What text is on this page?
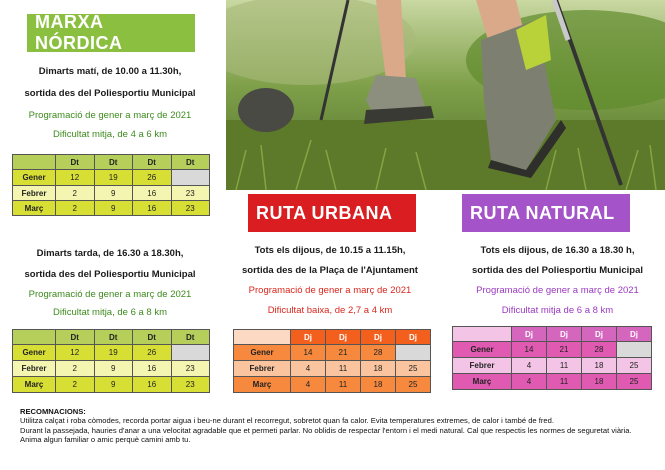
MARXA NÓRDICA
Dimarts matí, de 10.00 a 11.30h,
sortida des del Poliesportiu Municipal
Programació de gener a març de 2021
Dificultat mitja, de 4 a 6 km
	Dt	Dt	Dt	Dt
Gener	12	19	26	
Febrer	2	9	16	23
Març	2	9	16	23
Dimarts tarda, de 16.30 a 18.30h,
sortida des del Poliesportiu Municipal
Programació de gener a març de 2021
Dificultat mitja, de 6 a 8 km
	Dt	Dt	Dt	Dt
Gener	12	19	26	
Febrer	2	9	16	23
Març	2	9	16	23
RUTA URBANA
Tots els dijous, de 10.15 a 11.15h,
sortida des de la Plaça de l'Ajuntament
Programació de gener a març de 2021
Dificultat baixa, de 2,7 a 4 km
	Dj	Dj	Dj	Dj
Gener	14	21	28	
Febrer	4	11	18	25
Març	4	11	18	25
RUTA NATURAL
Tots els dijous, de 16.30 a 18.30 h,
sortida des del Poliesportiu Municipal
Programació de gener a març de 2021
Dificultat mitja de 6 a 8 km
	Dj	Dj	Dj	Dj
Gener	14	21	28	
Febrer	4	11	18	25
Març	4	11	18	25
RECOMNACIONS:
Utilitza calçat i roba còmodes, recorda portar aigua i beu-ne durant el recorregut, sobretot quan fa calor. Evita temperatures extremes, de calor i també de fred.
Durant la passejada, hauries d'anar a una velocitat agradable que et permeti parlar. No oblidis de respectar l'entorn i el medi natural. Cal que respectis les normes de seguretat viària.
Anima algun familiar o amic perquè camini amb tu.
